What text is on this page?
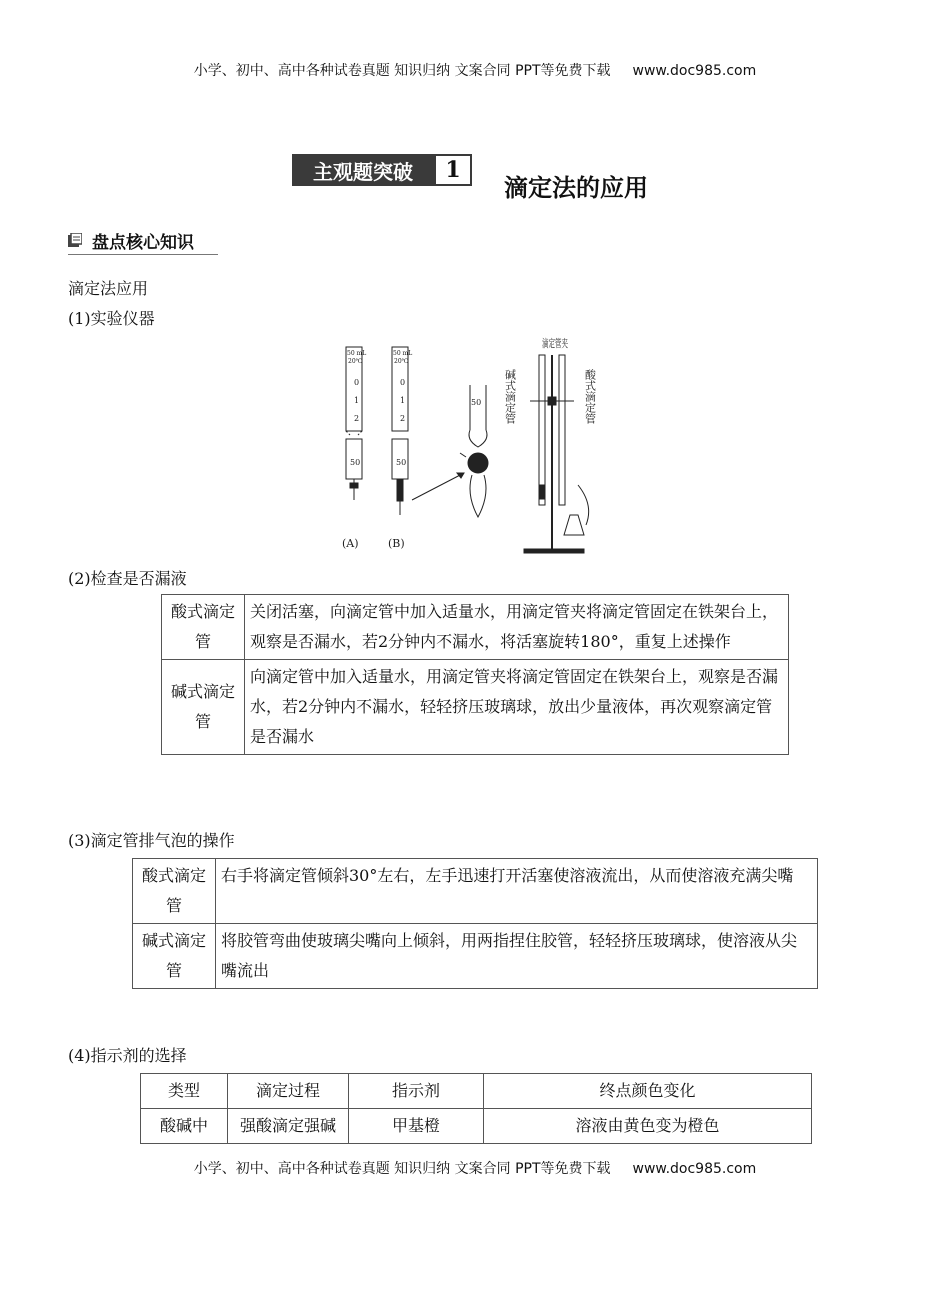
小学、初中、高中各种试卷真题 知识归纳 文案合同 PPT等免费下载 www.doc985.com
主观题突破	1
滴定法的应用
盘点核心知识
滴定法应用
(1)实验仪器
50 mL
20℃
0
1
2
50
50 mL
20℃
0
1
2
50
50
(A)	(B)
滴定管夹
碱式滴定管	酸式滴定管
(2)检查是否漏液
酸式滴定管	关闭活塞，向滴定管中加入适量水，用滴定管夹将滴定管固定在铁架台上，观察是否漏水，若2分钟内不漏水，将活塞旋转180°，重复上述操作
碱式滴定管	向滴定管中加入适量水，用滴定管夹将滴定管固定在铁架台上，观察是否漏水，若2分钟内不漏水，轻轻挤压玻璃球，放出少量液体，再次观察滴定管是否漏水
(3)滴定管排气泡的操作
酸式滴定管	右手将滴定管倾斜30°左右，左手迅速打开活塞使溶液流出，从而使溶液充满尖嘴
碱式滴定管	将胶管弯曲使玻璃尖嘴向上倾斜，用两指捏住胶管，轻轻挤压玻璃球，使溶液从尖嘴流出
(4)指示剂的选择
类型	滴定过程	指示剂	终点颜色变化
酸碱中	强酸滴定强碱	甲基橙	溶液由黄色变为橙色
小学、初中、高中各种试卷真题 知识归纳 文案合同 PPT等免费下载 www.doc985.com
